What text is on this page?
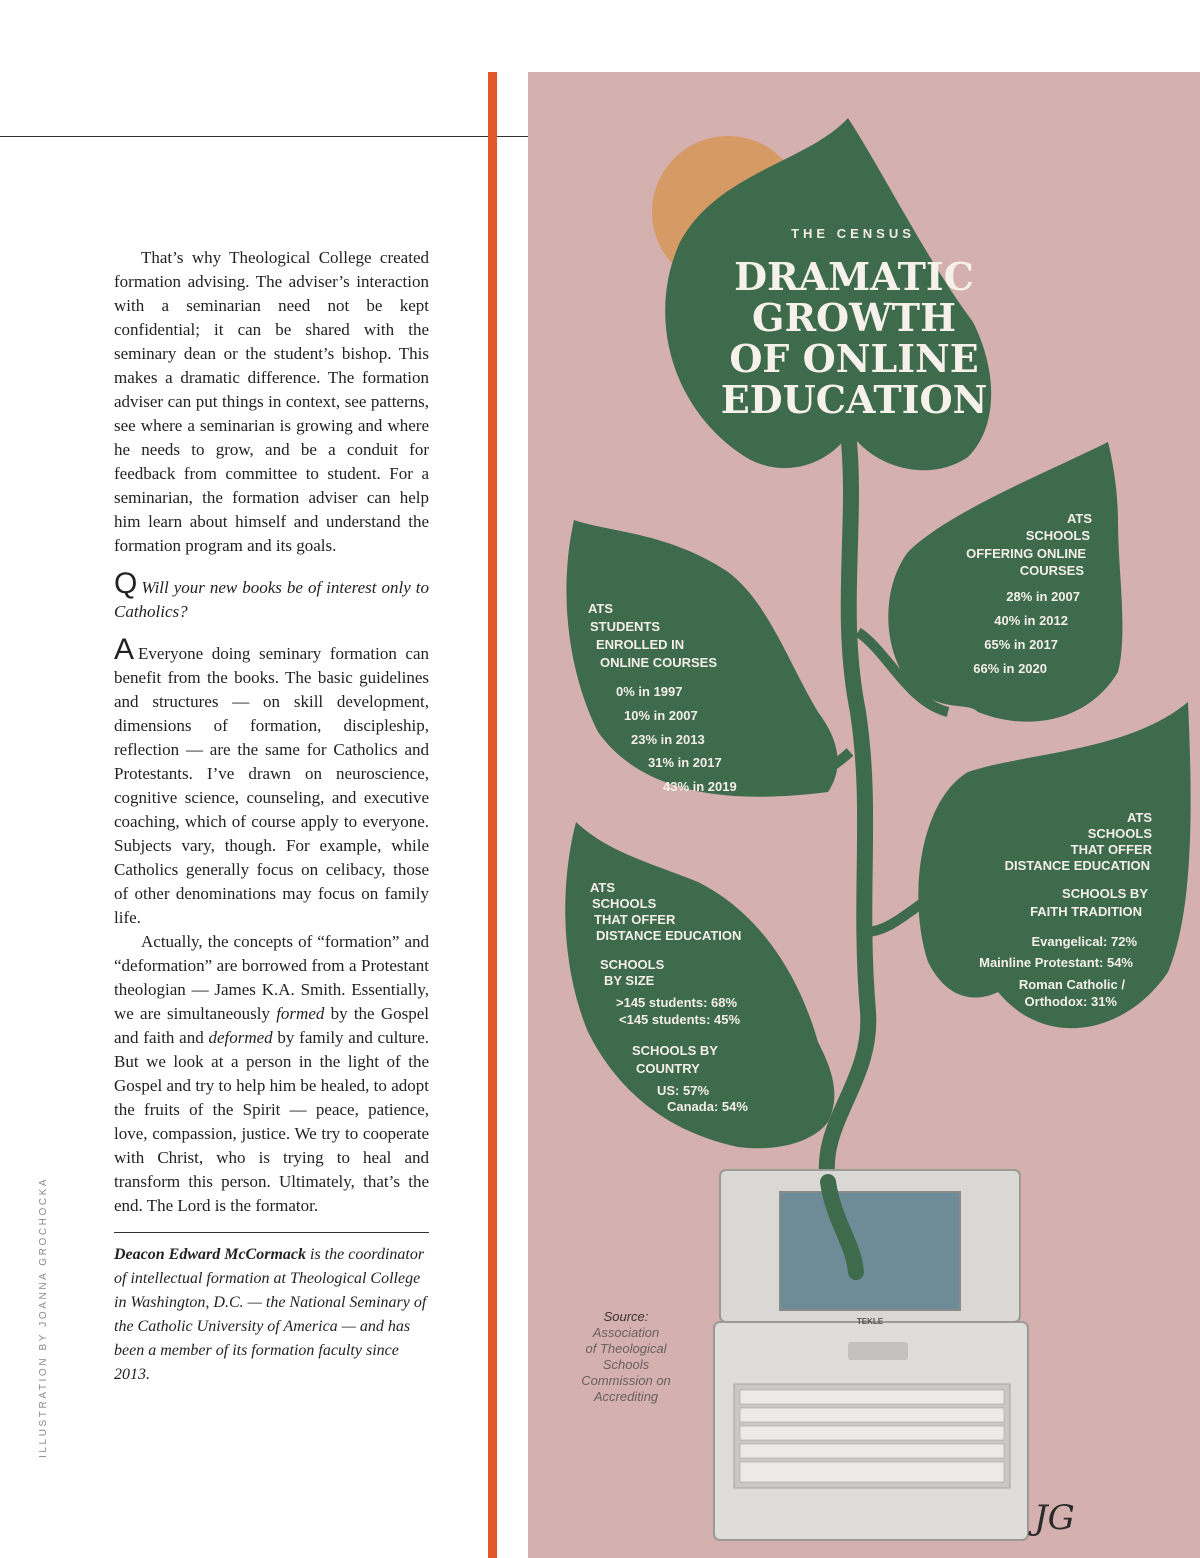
ILLUSTRATION BY JOANNA GROCHOCKA

That’s why Theological College created formation advising. The adviser’s interaction with a seminarian need not be kept confidential; it can be shared with the seminary dean or the student’s bishop. This makes a dramatic difference. The formation adviser can put things in context, see patterns, see where a seminarian is growing and where he needs to grow, and be a conduit for feedback from committee to student. For a seminarian, the formation adviser can help him learn about himself and understand the formation program and its goals.

Q Will your new books be of interest only to Catholics?

A Everyone doing seminary formation can benefit from the books. The basic guidelines and structures — on skill development, dimensions of formation, discipleship, reflection — are the same for Catholics and Protestants. I’ve drawn on neuroscience, cognitive science, counseling, and executive coaching, which of course apply to everyone. Subjects vary, though. For example, while Catholics generally focus on celibacy, those of other denominations may focus on family life.

Actually, the concepts of “formation” and “deformation” are borrowed from a Protestant theologian — James K.A. Smith. Essentially, we are simultaneously formed by the Gospel and faith and deformed by family and culture. But we look at a person in the light of the Gospel and try to help him be healed, to adopt the fruits of the Spirit — peace, patience, love, compassion, justice. We try to cooperate with Christ, who is trying to heal and transform this person. Ultimately, that’s the end. The Lord is the formator.

Deacon Edward McCormack is the coordinator of intellectual formation at Theological College in Washington, D.C. — the National Seminary of the Catholic University of America — and has been a member of its formation faculty since 2013.

TEKLE
THE CENSUS
DRAMATIC
GROWTH
OF ONLINE
EDUCATION
ATS
STUDENTS
ENROLLED IN
ONLINE COURSES
0% in 1997
10% in 2007
23% in 2013
31% in 2017
43% in 2019
ATS
SCHOOLS
OFFERING ONLINE
COURSES
28% in 2007
40% in 2012
65% in 2017
66% in 2020
ATS
SCHOOLS
THAT OFFER
DISTANCE EDUCATION
SCHOOLS BY
FAITH TRADITION
Evangelical: 72%
Mainline Protestant: 54%
Roman Catholic /
Orthodox: 31%
ATS
SCHOOLS
THAT OFFER
DISTANCE EDUCATION
SCHOOLS
BY SIZE
>145 students: 68%
<145 students: 45%
SCHOOLS BY
COUNTRY
US: 57%
Canada: 54%
Source:
Association
of Theological
Schools
Commission on
Accrediting
JG
